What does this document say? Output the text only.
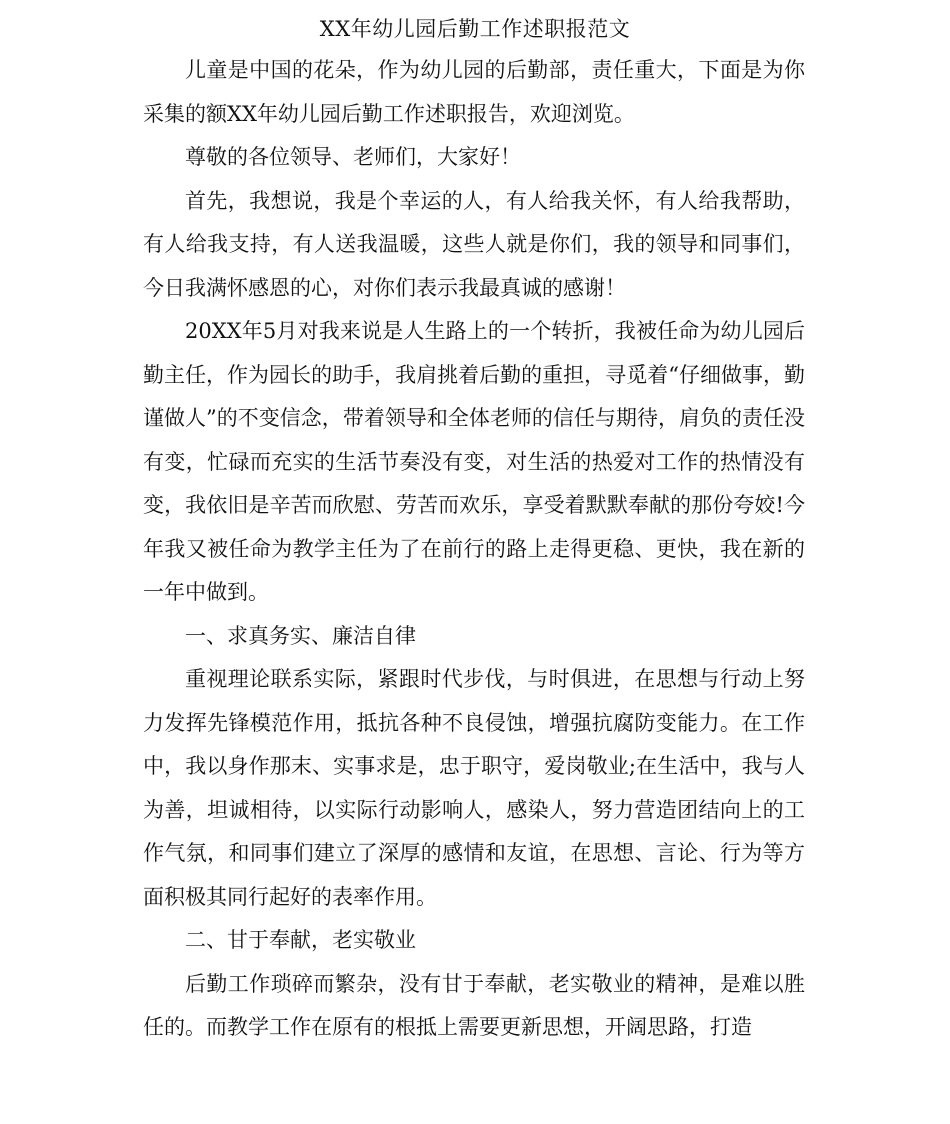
XX年幼儿园后勤工作述职报范文

儿童是中国的花朵，作为幼儿园的后勤部，责任重大，下面是为你采集的额XX年幼儿园后勤工作述职报告，欢迎浏览。

尊敬的各位领导、老师们，大家好！

首先，我想说，我是个幸运的人，有人给我关怀，有人给我帮助，有人给我支持，有人送我温暖，这些人就是你们，我的领导和同事们，今日我满怀感恩的心，对你们表示我最真诚的感谢！

20XX年5月对我来说是人生路上的一个转折，我被任命为幼儿园后勤主任，作为园长的助手，我肩挑着后勤的重担，寻觅着“仔细做事，勤谨做人”的不变信念，带着领导和全体老师的信任与期待，肩负的责任没有变，忙碌而充实的生活节奏没有变，对生活的热爱对工作的热情没有变，我依旧是辛苦而欣慰、劳苦而欢乐，享受着默默奉献的那份夸姣!今年我又被任命为教学主任为了在前行的路上走得更稳、更快，我在新的一年中做到。

一、求真务实、廉洁自律

重视理论联系实际，紧跟时代步伐，与时俱进，在思想与行动上努力发挥先锋模范作用，抵抗各种不良侵蚀，增强抗腐防变能力。在工作中，我以身作那末、实事求是，忠于职守，爱岗敬业;在生活中，我与人为善，坦诚相待，以实际行动影响人，感染人，努力营造团结向上的工作气氛，和同事们建立了深厚的感情和友谊，在思想、言论、行为等方面积极其同行起好的表率作用。

二、甘于奉献，老实敬业

后勤工作琐碎而繁杂，没有甘于奉献，老实敬业的精神，是难以胜任的。而教学工作在原有的根抵上需要更新思想，开阔思路，打造
